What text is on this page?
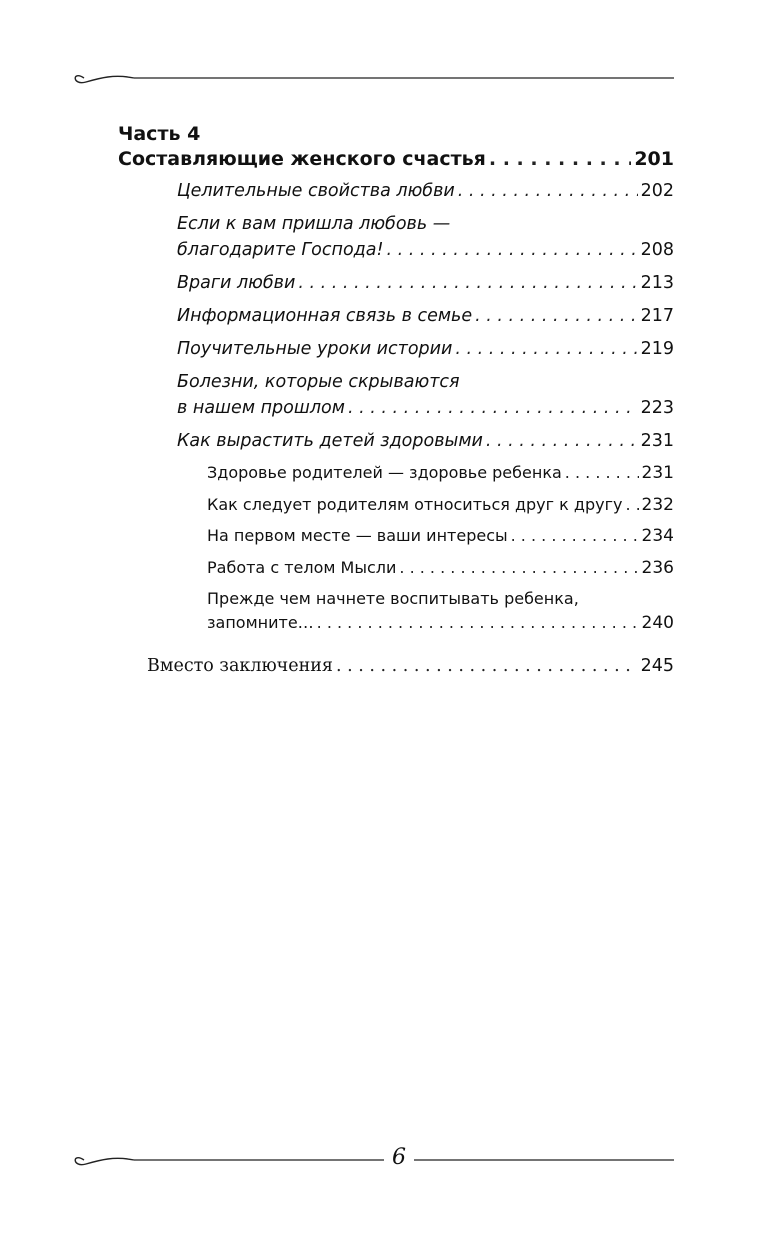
Часть 4
Составляющие женского счастья . . .	201
Целительные свойства любви . . .	202
Если к вам пришла любовь —
благодарите Господа! . . .	208
Враги любви . . .	213
Информационная связь в семье . . .	217
Поучительные уроки истории . . .	219
Болезни, которые скрываются
в нашем прошлом . . .	223
Как вырастить детей здоровыми . . .	231
Здоровье родителей — здоровье ребенка . . .	231
Как следует родителям относиться друг к другу . . . 232
На первом месте — ваши интересы . . .	234
Работа с телом Мысли . . .	236
Прежде чем начнете воспитывать ребенка,
запомните… . . .	240
Вместо заключения . . .	245
6
